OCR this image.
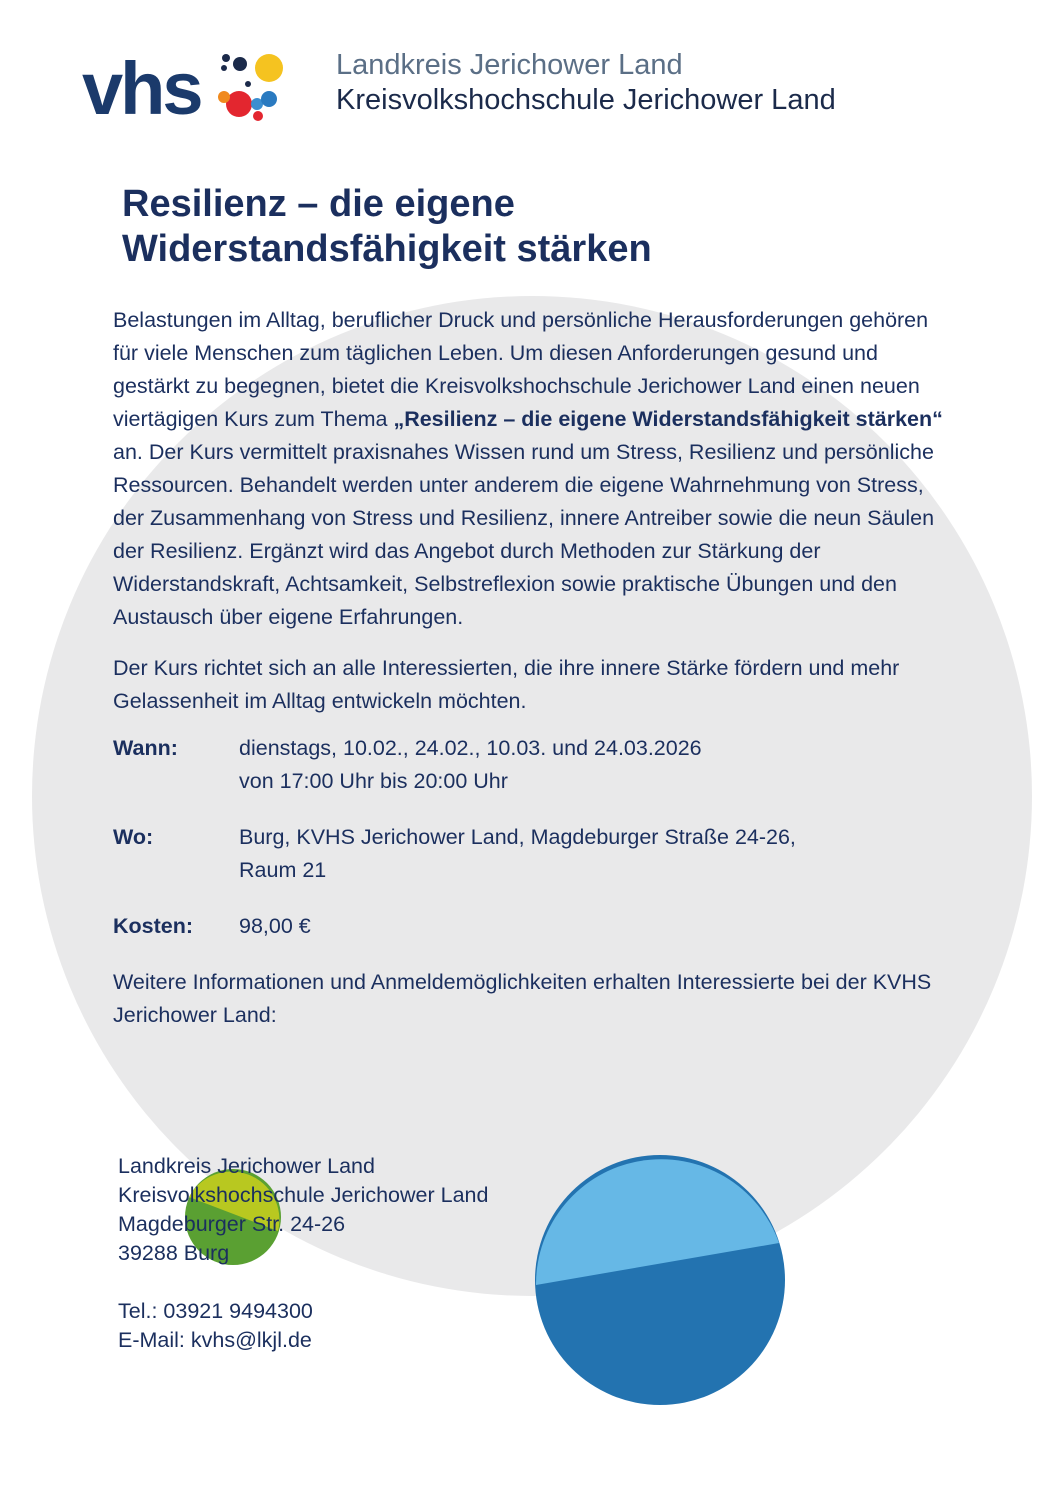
vhs	Landkreis Jerichower Land
Kreisvolkshochschule Jerichower Land
Resilienz – die eigene
Widerstandsfähigkeit stärken

Belastungen im Alltag, beruflicher Druck und persönliche Herausforderungen gehören für viele Menschen zum täglichen Leben. Um diesen Anforderungen gesund und gestärkt zu begegnen, bietet die Kreisvolkshochschule Jerichower Land einen neuen viertägigen Kurs zum Thema „Resilienz – die eigene Widerstandsfähigkeit stärken“ an. Der Kurs vermittelt praxisnahes Wissen rund um Stress, Resilienz und persönliche Ressourcen. Behandelt werden unter anderem die eigene Wahrnehmung von Stress, der Zusammenhang von Stress und Resilienz, innere Antreiber sowie die neun Säulen der Resilienz. Ergänzt wird das Angebot durch Methoden zur Stärkung der Widerstandskraft, Achtsamkeit, Selbstreflexion sowie praktische Übungen und den Austausch über eigene Erfahrungen.

Der Kurs richtet sich an alle Interessierten, die ihre innere Stärke fördern und mehr Gelassenheit im Alltag entwickeln möchten.

Wann:	dienstags, 10.02., 24.02., 10.03. und 24.03.2026
von 17:00 Uhr bis 20:00 Uhr
Wo:	Burg, KVHS Jerichower Land, Magdeburger Straße 24-26,
Raum 21
Kosten:	98,00 €

Weitere Informationen und Anmeldemöglichkeiten erhalten Interessierte bei der KVHS Jerichower Land:

Landkreis Jerichower Land
Kreisvolkshochschule Jerichower Land
Magdeburger Str. 24-26
39288 Burg
Tel.: 03921 9494300
E-Mail: kvhs@lkjl.de
